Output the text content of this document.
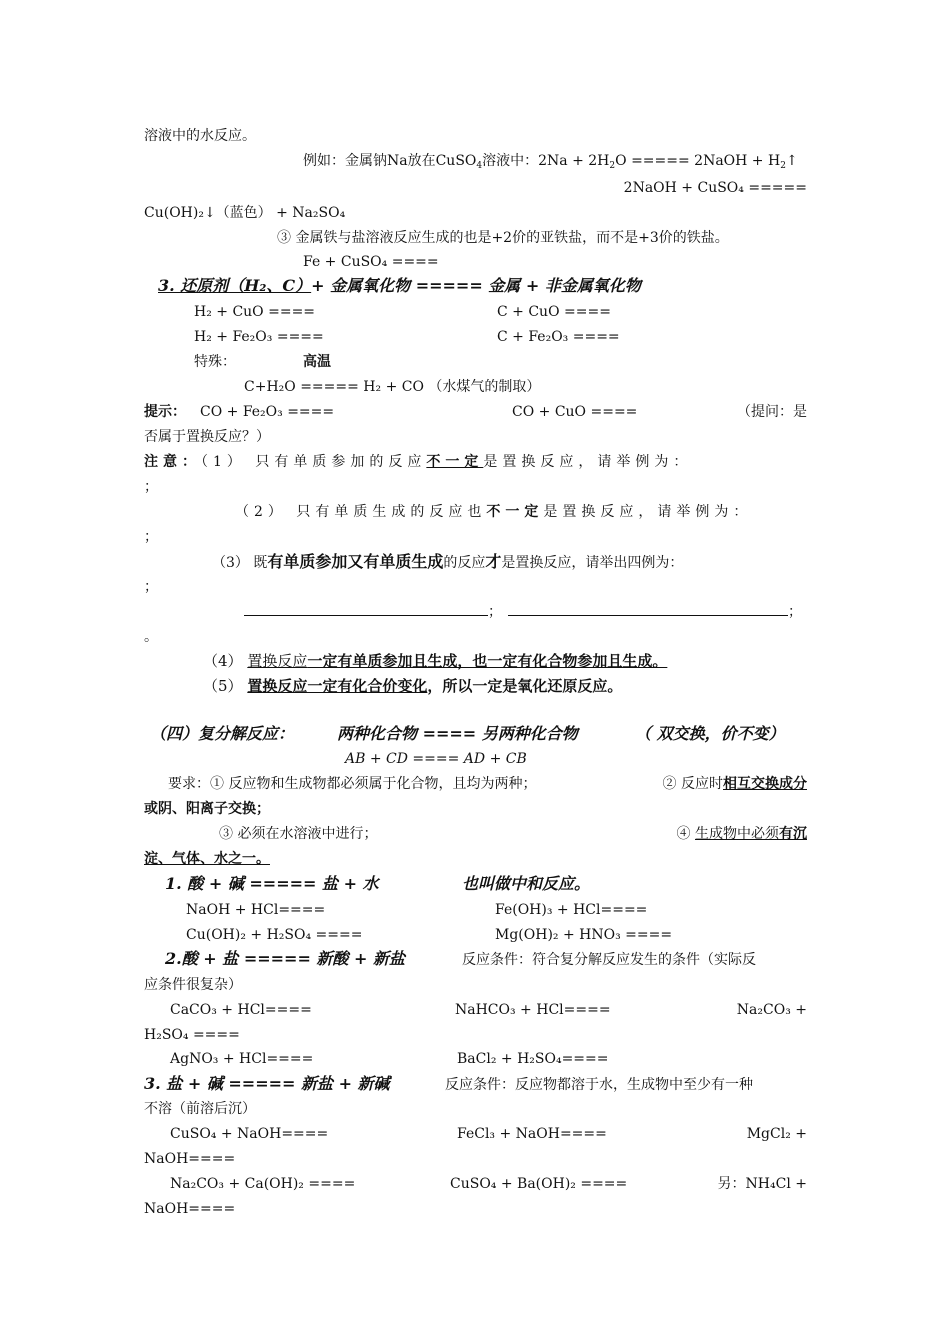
溶液中的水反应。
例如：金属钠Na放在CuSO$_4$溶液中：$2Na + 2H_2O$ ===== 2NaOH + $H_2↑$
2NaOH + CuSO₄ =====
Cu(OH)₂↓（蓝色） + Na₂SO₄
③ 金属铁与盐溶液反应生成的也是+2价的亚铁盐，而不是+3价的铁盐。
Fe + CuSO₄ ====
3. 还原剂（H₂、C）+ 金属氧化物 ===== 金属 + 非金属氧化物
H₂ + CuO ====	C + CuO ====
H₂ + Fe₂O₃ ====	C + Fe₂O₃ ====
特殊：	高温
C+H₂O ===== H₂ + CO （水煤气的制取）
提示： CO + Fe₂O₃ ====	CO + CuO ====	（提问：是
否属于置换反应？）
注意：（1） 只有单质参加的反应不一定是置换反应，请举例为：
；
（2） 只有单质生成的反应也不一定是置换反应，请举例为：
；
（3） 既有单质参加又有单质生成的反应才是置换反应，请举出四例为：
；
；	；
。
（4） 置换反应一定有单质参加且生成，也一定有化合物参加且生成。
（5） 置换反应一定有化合价变化，所以一定是氧化还原反应。
（四）复分解反应：	两种化合物 ==== 另两种化合物	（ 双交换，价不变）
AB + CD ==== AD + CB
要求：① 反应物和生成物都必须属于化合物，且均为两种；	② 反应时相互交换成分
或阴、阳离子交换；
③ 必须在水溶液中进行；	④ 生成物中必须有沉
淀、气体、水之一。
1. 酸 + 碱 ===== 盐 + 水	也叫做中和反应。
NaOH + HCl====	Fe(OH)₃ + HCl====
Cu(OH)₂ + H₂SO₄ ====	Mg(OH)₂ + HNO₃ ====
2.酸 + 盐 ===== 新酸 + 新盐	反应条件：符合复分解反应发生的条件（实际反
应条件很复杂）
CaCO₃ + HCl====	NaHCO₃ + HCl====	Na₂CO₃ +
H₂SO₄ ====
AgNO₃ + HCl====	BaCl₂ + H₂SO₄====
3. 盐 + 碱 ===== 新盐 + 新碱	反应条件：反应物都溶于水，生成物中至少有一种
不溶（前溶后沉）
CuSO₄ + NaOH====	FeCl₃ + NaOH====	MgCl₂ +
NaOH====
Na₂CO₃ + Ca(OH)₂ ====	CuSO₄ + Ba(OH)₂ ====	另：NH₄Cl +
NaOH====
